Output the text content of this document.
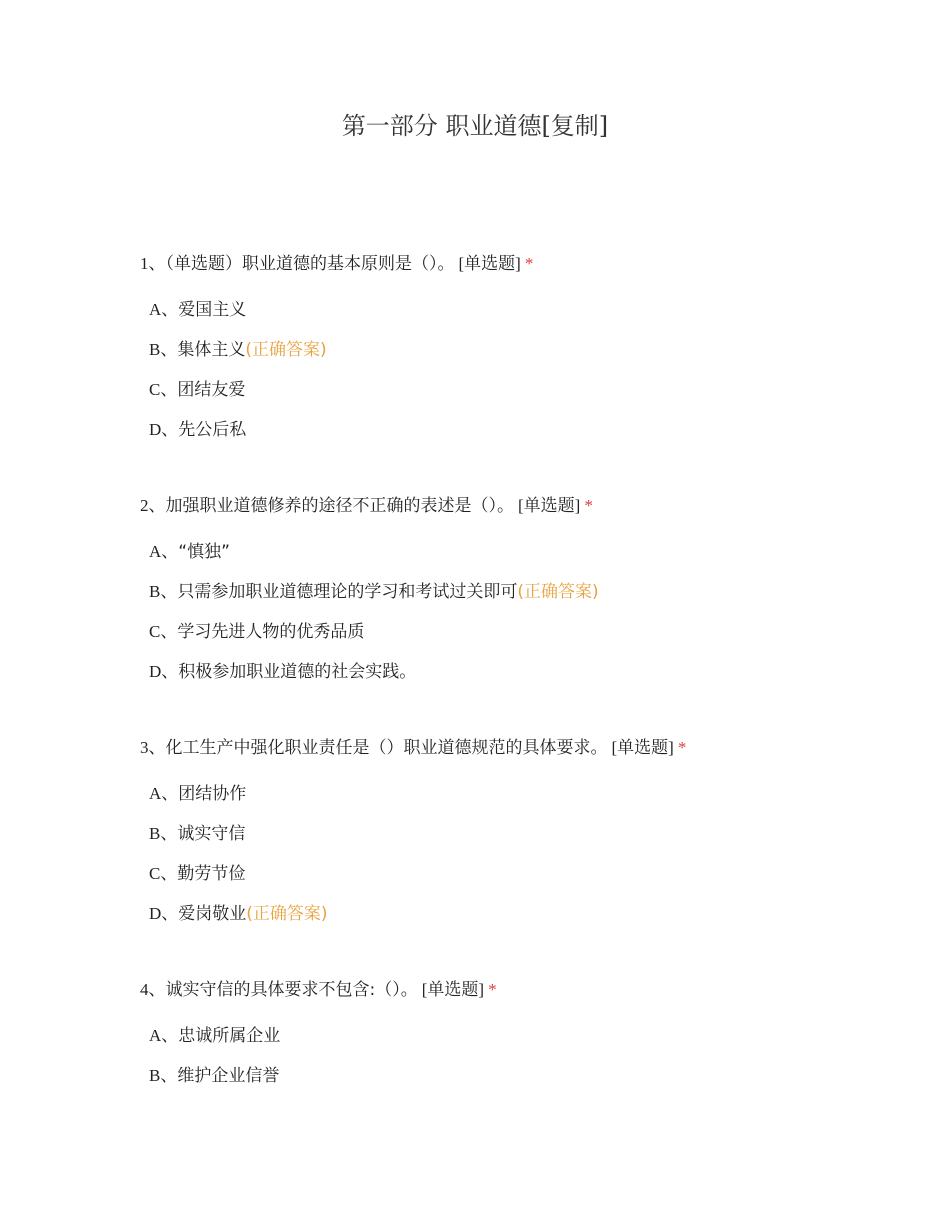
第一部分 职业道德[复制]
1、（单选题）职业道德的基本原则是（）。 [单选题] *
A、爱国主义
B、集体主义(正确答案)
C、团结友爱
D、先公后私
2、加强职业道德修养的途径不正确的表述是（）。 [单选题] *
A、“慎独”
B、只需参加职业道德理论的学习和考试过关即可(正确答案)
C、学习先进人物的优秀品质
D、积极参加职业道德的社会实践。
3、化工生产中强化职业责任是（）职业道德规范的具体要求。 [单选题] *
A、团结协作
B、诚实守信
C、勤劳节俭
D、爱岗敬业(正确答案)
4、诚实守信的具体要求不包含:（）。 [单选题] *
A、忠诚所属企业
B、维护企业信誉
